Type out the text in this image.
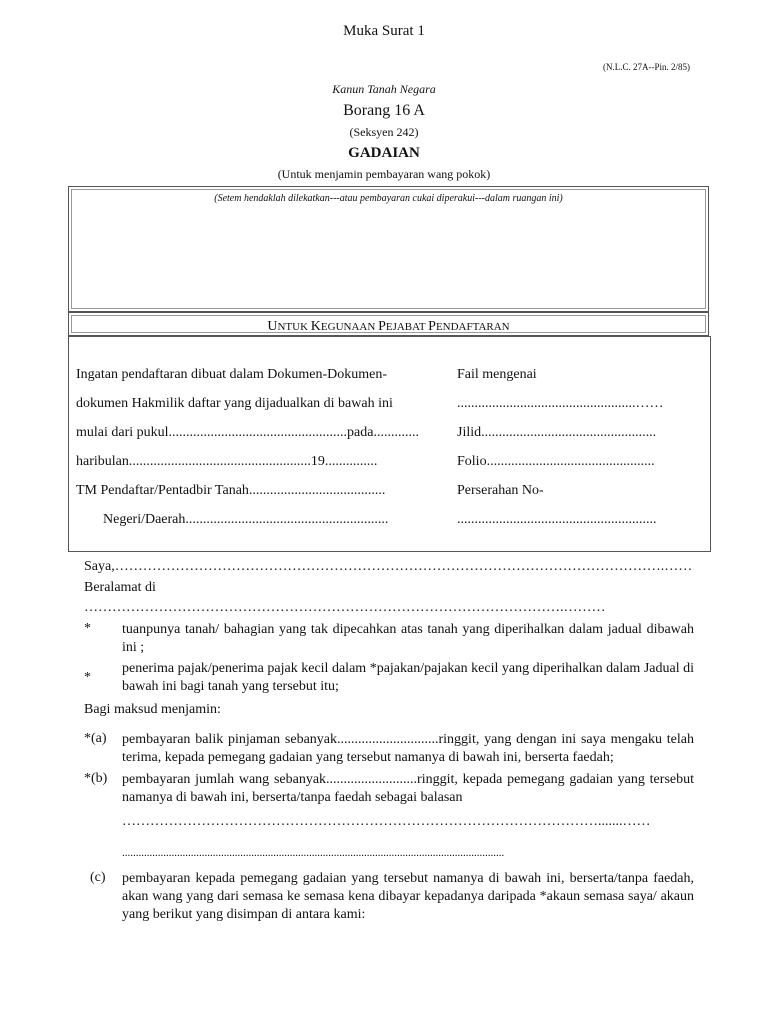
Muka Surat 1
(N.L.C. 27A--Pin. 2/85)
Kanun Tanah Negara
Borang 16 A
(Seksyen 242)
GADAIAN
(Untuk menjamin pembayaran wang pokok)
(Setem hendaklah dilekatkan---atau pembayaran cukai diperakui---dalam ruangan ini)
UNTUK KEGUNAAN PEJABAT PENDAFTARAN
Ingatan pendaftaran dibuat dalam Dokumen-Dokumen-
dokumen Hakmilik daftar yang dijadualkan di bawah ini
mulai dari pukul...................................................pada.............
haribulan....................................................19...............
TM Pendaftar/Pentadbir Tanah.......................................
Negeri/Daerah..........................................................
Fail mengenai
...................................................……
Jilid..................................................
Folio................................................
Perserahan No-
.........................................................
Saya,……………………………………………………………………………………………………….……
Beralamat di
………………………………………………………………………………………….………
* tuanpunya tanah/ bahagian yang tak dipecahkan atas tanah yang diperihalkan dalam jadual dibawah ini ;
*
penerima pajak/penerima pajak kecil dalam *pajakan/pajakan kecil yang diperihalkan dalam Jadual di bawah ini bagi tanah yang tersebut itu;
Bagi maksud menjamin:
*(a) pembayaran balik pinjaman sebanyak.............................ringgit, yang dengan ini saya mengaku telah terima, kepada pemegang gadaian yang tersebut namanya di bawah ini, berserta faedah;
*(b) pembayaran jumlah wang sebanyak..........................ringgit, kepada pemegang gadaian yang tersebut namanya di bawah ini, berserta/tanpa faedah sebagai balasan
………………………………………………………………………………………….......……
...........................................................................................................................................
(c) pembayaran kepada pemegang gadaian yang tersebut namanya di bawah ini, berserta/tanpa faedah, akan wang yang dari semasa ke semasa kena dibayar kepadanya daripada *akaun semasa saya/ akaun yang berikut yang disimpan di antara kami:
